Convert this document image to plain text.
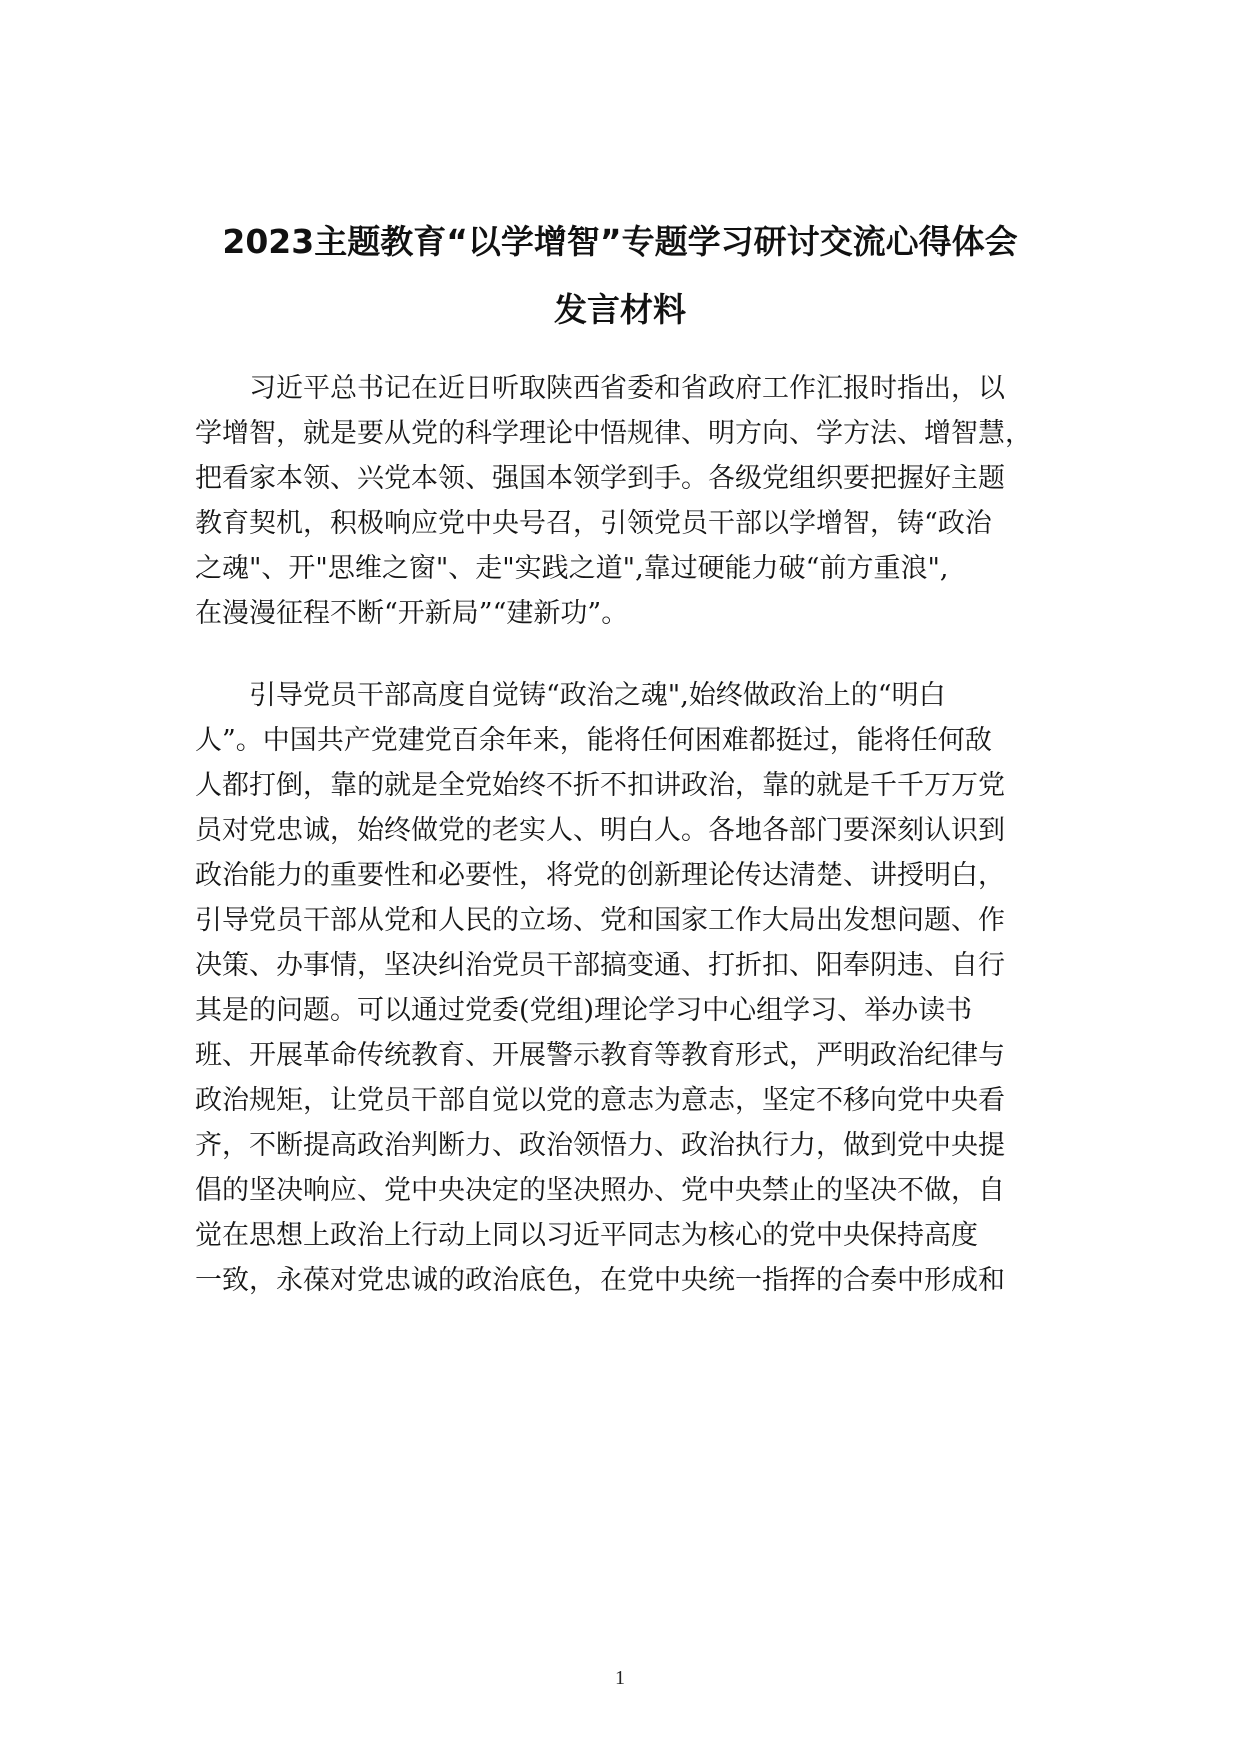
2023主题教育“以学增智”专题学习研讨交流心得体会
发言材料
　　习近平总书记在近日听取陕西省委和省政府工作汇报时指出，以
学增智，就是要从党的科学理论中悟规律、明方向、学方法、增智慧，
把看家本领、兴党本领、强国本领学到手。各级党组织要把握好主题
教育契机，积极响应党中央号召，引领党员干部以学增智，铸“政治
之魂"、开"思维之窗"、走"实践之道",靠过硬能力破“前方重浪",
在漫漫征程不断“开新局”“建新功”。
　　引导党员干部高度自觉铸“政治之魂",始终做政治上的“明白
人”。中国共产党建党百余年来，能将任何困难都挺过，能将任何敌
人都打倒，靠的就是全党始终不折不扣讲政治，靠的就是千千万万党
员对党忠诚，始终做党的老实人、明白人。各地各部门要深刻认识到
政治能力的重要性和必要性，将党的创新理论传达清楚、讲授明白，
引导党员干部从党和人民的立场、党和国家工作大局出发想问题、作
决策、办事情，坚决纠治党员干部搞变通、打折扣、阳奉阴违、自行
其是的问题。可以通过党委(党组)理论学习中心组学习、举办读书
班、开展革命传统教育、开展警示教育等教育形式，严明政治纪律与
政治规矩，让党员干部自觉以党的意志为意志，坚定不移向党中央看
齐，不断提高政治判断力、政治领悟力、政治执行力，做到党中央提
倡的坚决响应、党中央决定的坚决照办、党中央禁止的坚决不做，自
觉在思想上政治上行动上同以习近平同志为核心的党中央保持高度
一致，永葆对党忠诚的政治底色，在党中央统一指挥的合奏中形成和
1
